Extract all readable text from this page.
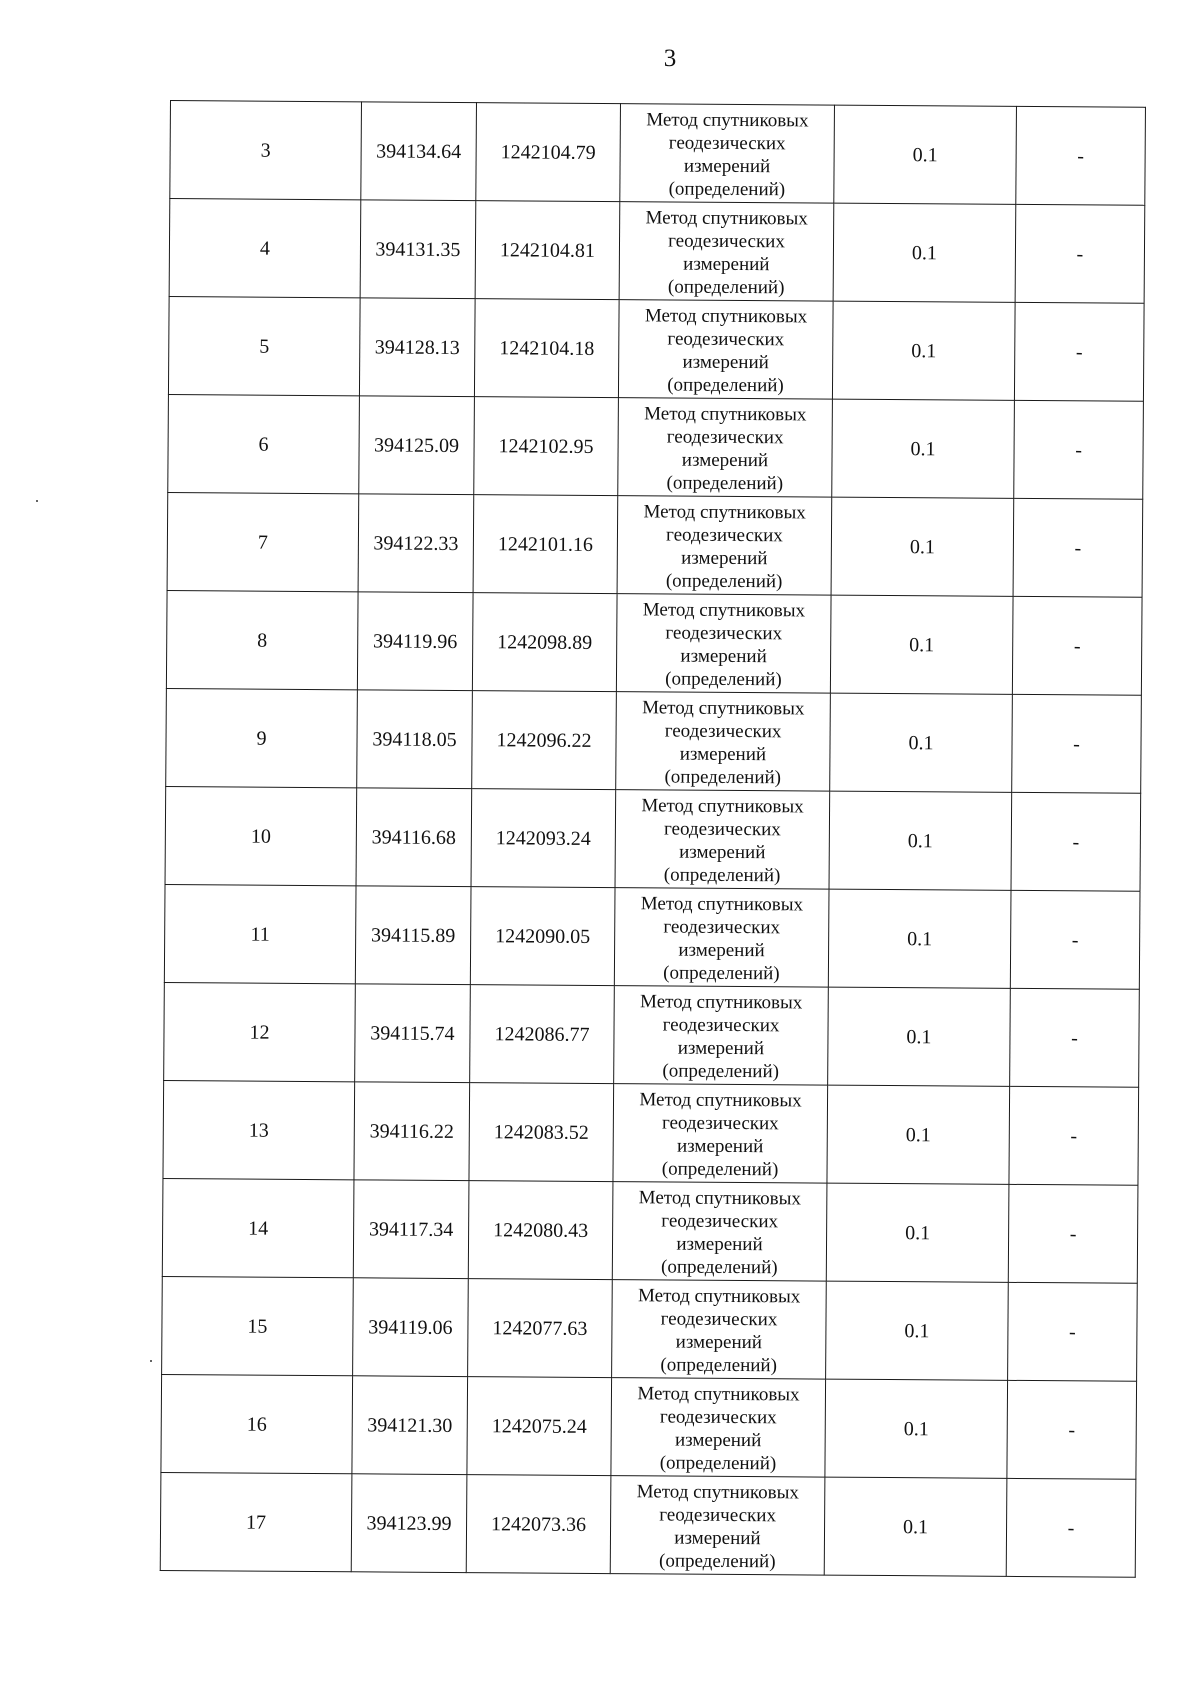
3
3	394134.64	1242104.79	Метод спутниковых
геодезических
измерений
(определений)	0.1	-
4	394131.35	1242104.81	Метод спутниковых
геодезических
измерений
(определений)	0.1	-
5	394128.13	1242104.18	Метод спутниковых
геодезических
измерений
(определений)	0.1	-
6	394125.09	1242102.95	Метод спутниковых
геодезических
измерений
(определений)	0.1	-
7	394122.33	1242101.16	Метод спутниковых
геодезических
измерений
(определений)	0.1	-
8	394119.96	1242098.89	Метод спутниковых
геодезических
измерений
(определений)	0.1	-
9	394118.05	1242096.22	Метод спутниковых
геодезических
измерений
(определений)	0.1	-
10	394116.68	1242093.24	Метод спутниковых
геодезических
измерений
(определений)	0.1	-
11	394115.89	1242090.05	Метод спутниковых
геодезических
измерений
(определений)	0.1	-
12	394115.74	1242086.77	Метод спутниковых
геодезических
измерений
(определений)	0.1	-
13	394116.22	1242083.52	Метод спутниковых
геодезических
измерений
(определений)	0.1	-
14	394117.34	1242080.43	Метод спутниковых
геодезических
измерений
(определений)	0.1	-
15	394119.06	1242077.63	Метод спутниковых
геодезических
измерений
(определений)	0.1	-
16	394121.30	1242075.24	Метод спутниковых
геодезических
измерений
(определений)	0.1	-
17	394123.99	1242073.36	Метод спутниковых
геодезических
измерений
(определений)	0.1	-
